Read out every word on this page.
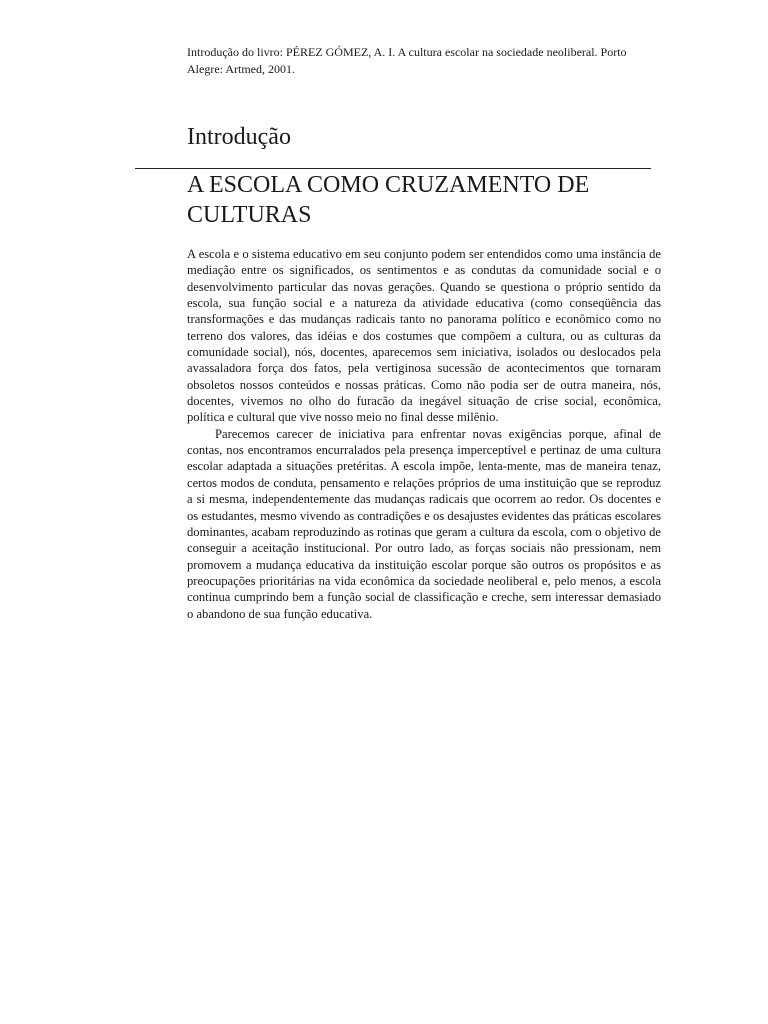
Introdução do livro: PÉREZ GÓMEZ, A. I. A cultura escolar na sociedade neoliberal. Porto Alegre: Artmed, 2001.

Introdução
A ESCOLA COMO CRUZAMENTO DE CULTURAS

A escola e o sistema educativo em seu conjunto podem ser entendidos como uma instância de mediação entre os significados, os sentimentos e as condutas da comunidade social e o desenvolvimento particular das novas gerações. Quando se questiona o próprio sentido da escola, sua função social e a natureza da atividade educativa (como conseqüência das transformações e das mudanças radicais tanto no panorama político e econômico como no terreno dos valores, das idéias e dos costumes que compõem a cultura, ou as culturas da comunidade social), nós, docentes, aparecemos sem iniciativa, isolados ou deslocados pela avassaladora força dos fatos, pela vertiginosa sucessão de acontecimentos que tornaram obsoletos nossos conteúdos e nossas práticas. Como não podia ser de outra maneira, nós, docentes, vivemos no olho do furacão da inegável situação de crise social, econômica, política e cultural que vive nosso meio no final desse milênio.

Parecemos carecer de iniciativa para enfrentar novas exigências porque, afinal de contas, nos encontramos encurralados pela presença imperceptível e pertinaz de uma cultura escolar adaptada a situações pretéritas. A escola impõe, lenta-mente, mas de maneira tenaz, certos modos de conduta, pensamento e relações próprios de uma instituição que se reproduz a si mesma, independentemente das mudanças radicais que ocorrem ao redor. Os docentes e os estudantes, mesmo vivendo as contradições e os desajustes evidentes das práticas escolares dominantes, acabam reproduzindo as rotinas que geram a cultura da escola, com o objetivo de conseguir a aceitação institucional. Por outro lado, as forças sociais não pressionam, nem promovem a mudança educativa da instituição escolar porque são outros os propósitos e as preocupações prioritárias na vida econômica da sociedade neoliberal e, pelo menos, a escola continua cumprindo bem a função social de classificação e creche, sem interessar demasiado o abandono de sua função educativa.
